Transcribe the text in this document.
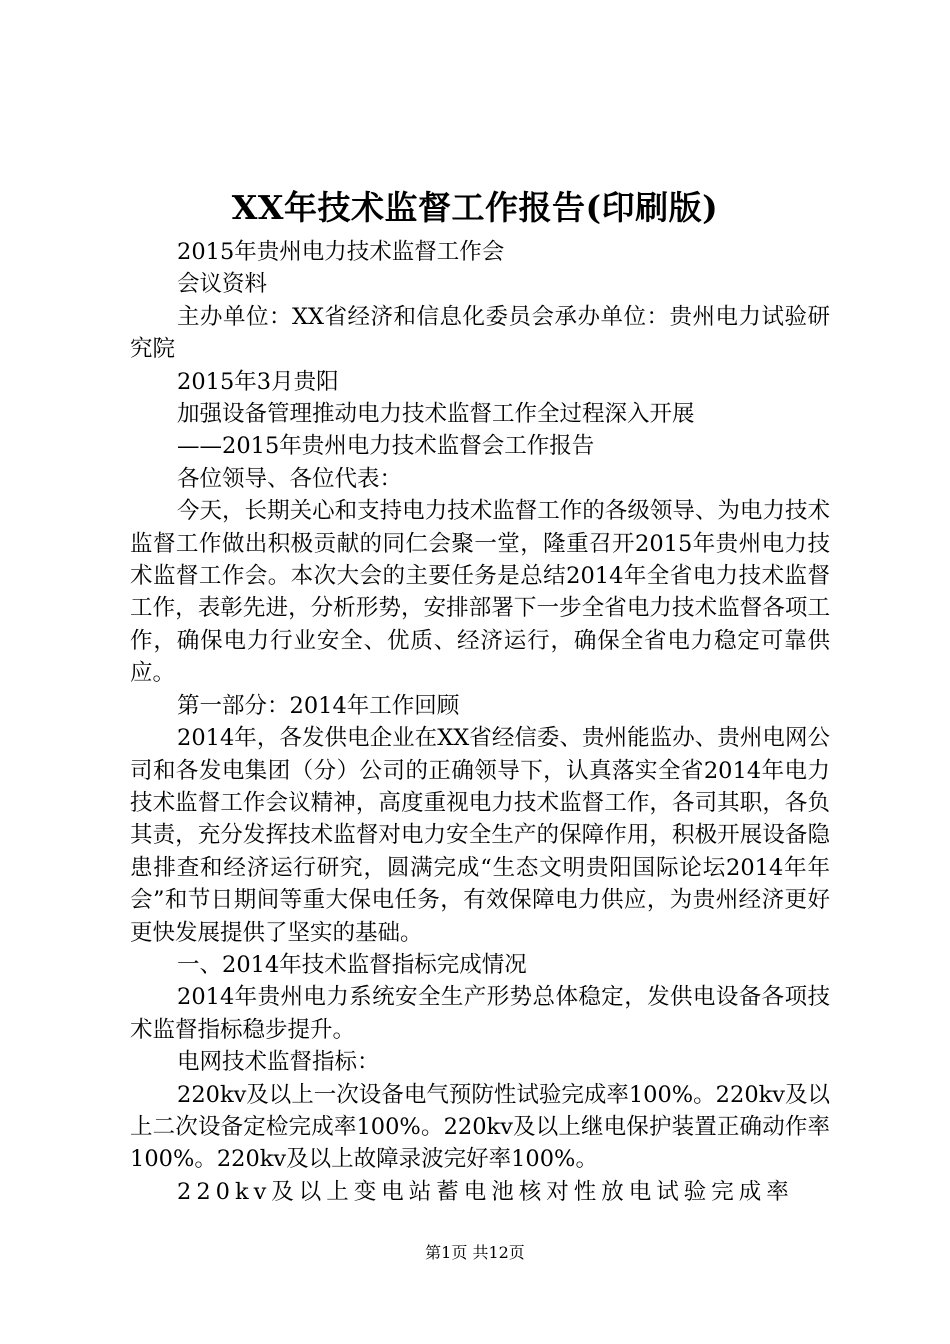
XX年技术监督工作报告(印刷版)

2015年贵州电力技术监督工作会

会议资料

主办单位：XX省经济和信息化委员会承办单位：贵州电力试验研究院

2015年3月贵阳

加强设备管理推动电力技术监督工作全过程深入开展

——2015年贵州电力技术监督会工作报告

各位领导、各位代表：

今天，长期关心和支持电力技术监督工作的各级领导、为电力技术监督工作做出积极贡献的同仁会聚一堂，隆重召开2015年贵州电力技术监督工作会。本次大会的主要任务是总结2014年全省电力技术监督工作，表彰先进，分析形势，安排部署下一步全省电力技术监督各项工作，确保电力行业安全、优质、经济运行，确保全省电力稳定可靠供应。

第一部分：2014年工作回顾

2014年，各发供电企业在XX省经信委、贵州能监办、贵州电网公司和各发电集团（分）公司的正确领导下，认真落实全省2014年电力技术监督工作会议精神，高度重视电力技术监督工作，各司其职，各负其责，充分发挥技术监督对电力安全生产的保障作用，积极开展设备隐患排查和经济运行研究，圆满完成“生态文明贵阳国际论坛2014年年会”和节日期间等重大保电任务，有效保障电力供应，为贵州经济更好更快发展提供了坚实的基础。

一、2014年技术监督指标完成情况

2014年贵州电力系统安全生产形势总体稳定，发供电设备各项技术监督指标稳步提升。

电网技术监督指标：

220kv及以上一次设备电气预防性试验完成率100%。220kv及以上二次设备定检完成率100%。220kv及以上继电保护装置正确动作率100%。220kv及以上故障录波完好率100%。

220kv及以上变电站蓄电池核对性放电试验完成率

第1页 共12页
